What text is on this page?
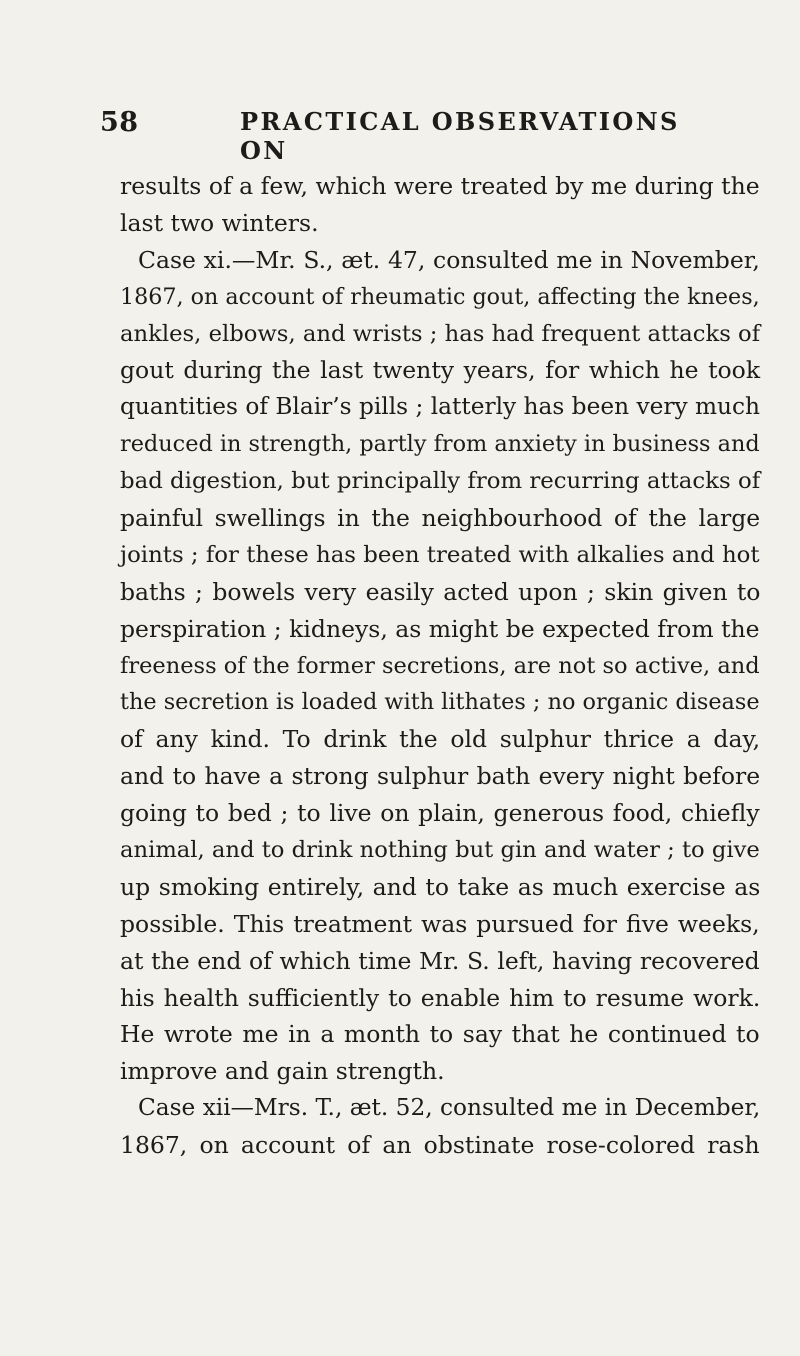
58	PRACTICAL OBSERVATIONS ON
results of a few, which were treated by me during the
last two winters.
Case xi.—Mr. S., æt. 47, consulted me in November,
1867, on account of rheumatic gout, affecting the knees,
ankles, elbows, and wrists ; has had frequent attacks of
gout during the last twenty years, for which he took
quantities of Blair’s pills ; latterly has been very much
reduced in strength, partly from anxiety in business and
bad digestion, but principally from recurring attacks of
painful swellings in the neighbourhood of the large
joints ; for these has been treated with alkalies and hot
baths ; bowels very easily acted upon ; skin given to
perspiration ; kidneys, as might be expected from the
freeness of the former secretions, are not so active, and
the secretion is loaded with lithates ; no organic disease
of any kind. To drink the old sulphur thrice a day,
and to have a strong sulphur bath every night before
going to bed ; to live on plain, generous food, chiefly
animal, and to drink nothing but gin and water ; to give
up smoking entirely, and to take as much exercise as
possible. This treatment was pursued for five weeks,
at the end of which time Mr. S. left, having recovered
his health sufficiently to enable him to resume work.
He wrote me in a month to say that he continued to
improve and gain strength.
Case xii—Mrs. T., æt. 52, consulted me in December,
1867, on account of an obstinate rose-colored rash
